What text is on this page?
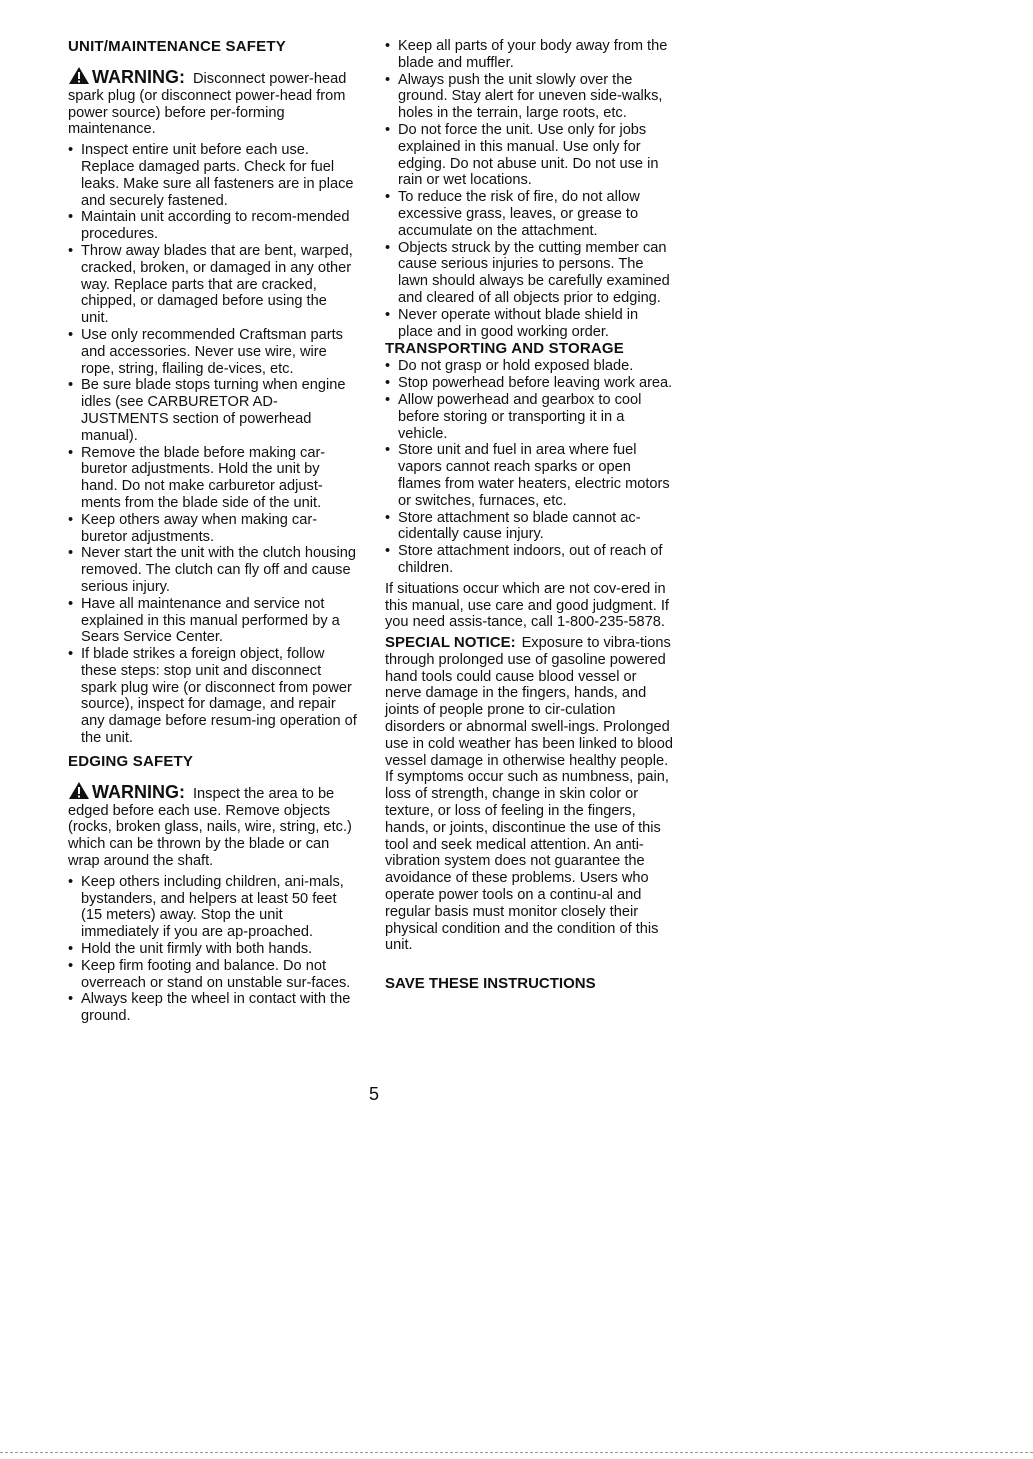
UNIT/MAINTENANCE SAFETY
WARNING: Disconnect power-head spark plug (or disconnect power-head from power source) before per-forming maintenance.
• Inspect entire unit before each use. Replace damaged parts. Check for fuel leaks. Make sure all fasteners are in place and securely fastened.
• Maintain unit according to recom-mended procedures.
• Throw away blades that are bent, warped, cracked, broken, or damaged in any other way. Replace parts that are cracked, chipped, or damaged before using the unit.
• Use only recommended Craftsman parts and accessories. Never use wire, wire rope, string, flailing de-vices, etc.
• Be sure blade stops turning when engine idles (see CARBURETOR AD-JUSTMENTS section of powerhead manual).
• Remove the blade before making car-buretor adjustments. Hold the unit by hand. Do not make carburetor adjust-ments from the blade side of the unit.
• Keep others away when making car-buretor adjustments.
• Never start the unit with the clutch housing removed. The clutch can fly off and cause serious injury.
• Have all maintenance and service not explained in this manual performed by a Sears Service Center.
• If blade strikes a foreign object, follow these steps: stop unit and disconnect spark plug wire (or disconnect from power source), inspect for damage, and repair any damage before resum-ing operation of the unit.
EDGING SAFETY
WARNING: Inspect the area to be edged before each use. Remove objects (rocks, broken glass, nails, wire, string, etc.) which can be thrown by the blade or can wrap around the shaft.
• Keep others including children, ani-mals, bystanders, and helpers at least 50 feet (15 meters) away. Stop the unit immediately if you are ap-proached.
• Hold the unit firmly with both hands.
• Keep firm footing and balance. Do not overreach or stand on unstable sur-faces.
• Always keep the wheel in contact with the ground.
• Keep all parts of your body away from the blade and muffler.
• Always push the unit slowly over the ground. Stay alert for uneven side-walks, holes in the terrain, large roots, etc.
• Do not force the unit. Use only for jobs explained in this manual. Use only for edging. Do not abuse unit. Do not use in rain or wet locations.
• To reduce the risk of fire, do not allow excessive grass, leaves, or grease to accumulate on the attachment.
• Objects struck by the cutting member can cause serious injuries to persons. The lawn should always be carefully examined and cleared of all objects prior to edging.
• Never operate without blade shield in place and in good working order.
TRANSPORTING AND STORAGE
• Do not grasp or hold exposed blade.
• Stop powerhead before leaving work area.
• Allow powerhead and gearbox to cool before storing or transporting it in a vehicle.
• Store unit and fuel in area where fuel vapors cannot reach sparks or open flames from water heaters, electric motors or switches, furnaces, etc.
• Store attachment so blade cannot ac-cidentally cause injury.
• Store attachment indoors, out of reach of children.

If situations occur which are not cov-ered in this manual, use care and good judgment. If you need assis-tance, call 1-800-235-5878.

SPECIAL NOTICE: Exposure to vibra-tions through prolonged use of gasoline powered hand tools could cause blood vessel or nerve damage in the fingers, hands, and joints of people prone to cir-culation disorders or abnormal swell-ings. Prolonged use in cold weather has been linked to blood vessel damage in otherwise healthy people. If symptoms occur such as numbness, pain, loss of strength, change in skin color or texture, or loss of feeling in the fingers, hands, or joints, discontinue the use of this tool and seek medical attention. An anti-vibration system does not guarantee the avoidance of these problems. Users who operate power tools on a continu-al and regular basis must monitor closely their physical condition and the condition of this unit.

SAVE THESE INSTRUCTIONS
5
